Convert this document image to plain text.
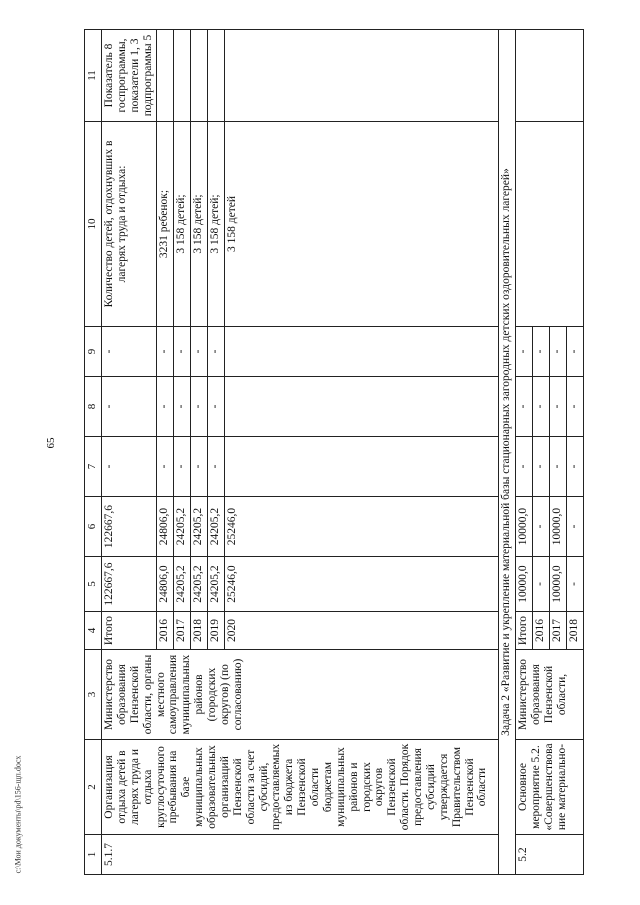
65
c:\Мои документы\pd\156-щп.docx	1	2	3	4	5	6	7	8	9	10	11
5.1.7	Организация отдыха детей в лагерях труда и отдыха круглосуточного пребывания на базе муниципальных образовательных организаций Пензенской области за счет субсидий, предоставляемых из бюджета Пензенской области бюджетам муниципальных районов и городских округов Пензенской области. Порядок предоставления субсидий утверждается Правительством Пензенской области	Министерство образования Пензенской области, органы местного самоуправления муниципальных районов (городских округов) (по согласованию)	Итого	122667,6	122667,6	-	-	-	Количество детей, отдохнувших в лагерях труда и отдыха:	Показатель 8 госпрограммы, показатели 1, 3 подпрограммы 5
			2016	24806,0	24806,0	-	-	-	3231 ребенок;	
			2017	24205,2	24205,2	-	-	-	3 158 детей;	
			2018	24205,2	24205,2	-	-	-	3 158 детей;	
			2019	24205,2	24205,2	-	-	-	3 158 детей;	
			2020	25246,0	25246,0				3 158 детей	

Задача 2 «Развитие и укрепление материальной базы стационарных загородных детских оздоровительных лагерей»										
5.2	Основное мероприятие 5.2. «Совершенствова ние материально-	Министерство образования Пензенской области,	Итого	10000,0	10000,0	-	-	-		
			2016	-	-	-	-	-		
			2017	10000,0	10000,0	-	-	-		
			2018	-	-	-	-	-		
